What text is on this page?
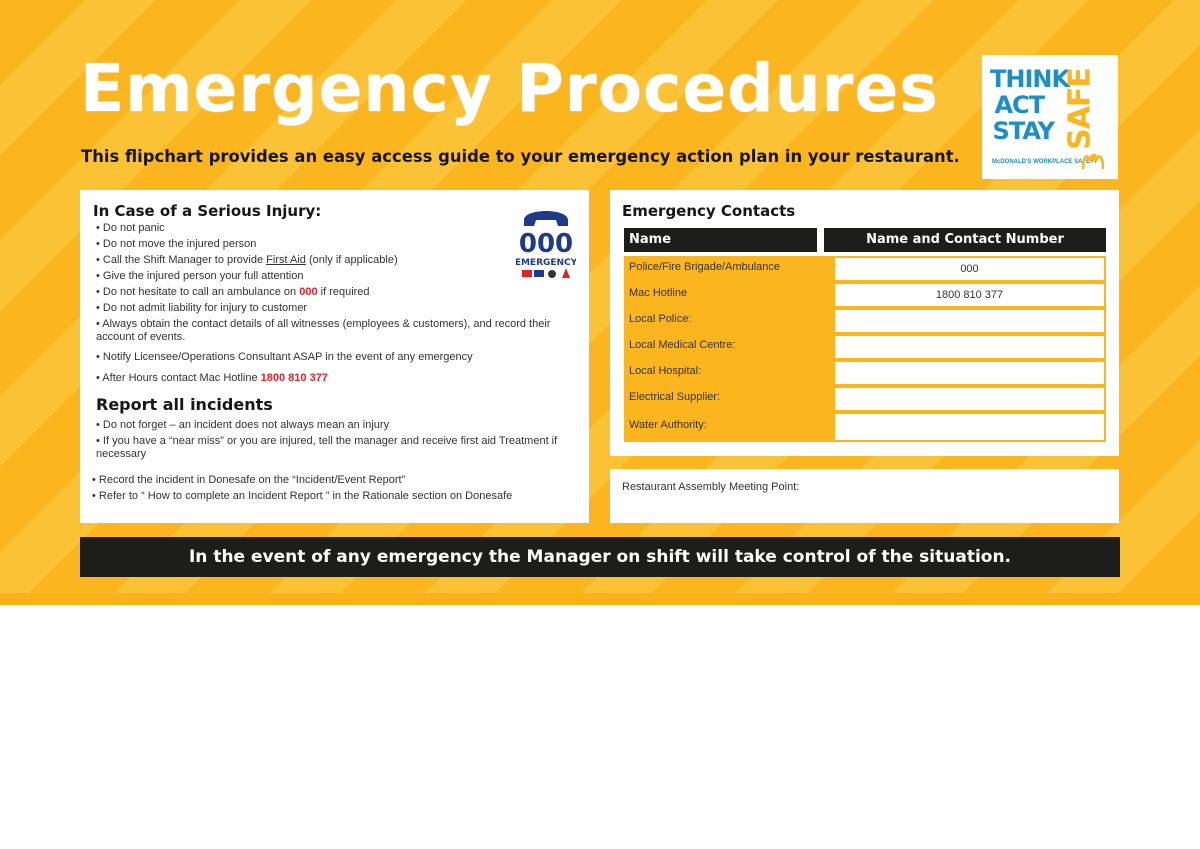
Emergency Procedures
This flipchart provides an easy access guide to your emergency action plan in your restaurant.
THINK
ACT
STAY SAFE
McDONALD'S WORKPLACE SAFETY
In Case of a Serious Injury:
• Do not panic
• Do not move the injured person
• Call the Shift Manager to provide First Aid (only if applicable)
• Give the injured person your full attention
• Do not hesitate to call an ambulance on 000 if required
• Do not admit liability for injury to customer
• Always obtain the contact details of all witnesses (employees & customers), and record their account of events.
• Notify Licensee/Operations Consultant ASAP in the event of any emergency
• After Hours contact Mac Hotline 1800 810 377
000
EMERGENCY
Report all incidents
• Do not forget – an incident does not always mean an injury
• If you have a “near miss” or you are injured, tell the manager and receive first aid Treatment if necessary
• Record the incident in Donesafe on the “Incident/Event Report”
• Refer to “ How to complete an Incident Report ” in the Rationale section on Donesafe
Emergency Contacts
Name	Name and Contact Number
Police/Fire Brigade/Ambulance	000
Mac Hotline	1800 810 377
Local Police:
Local Medical Centre:
Local Hospital:
Electrical Supplier:
Water Authority:
Restaurant Assembly Meeting Point:
In the event of any emergency the Manager on shift will take control of the situation.
